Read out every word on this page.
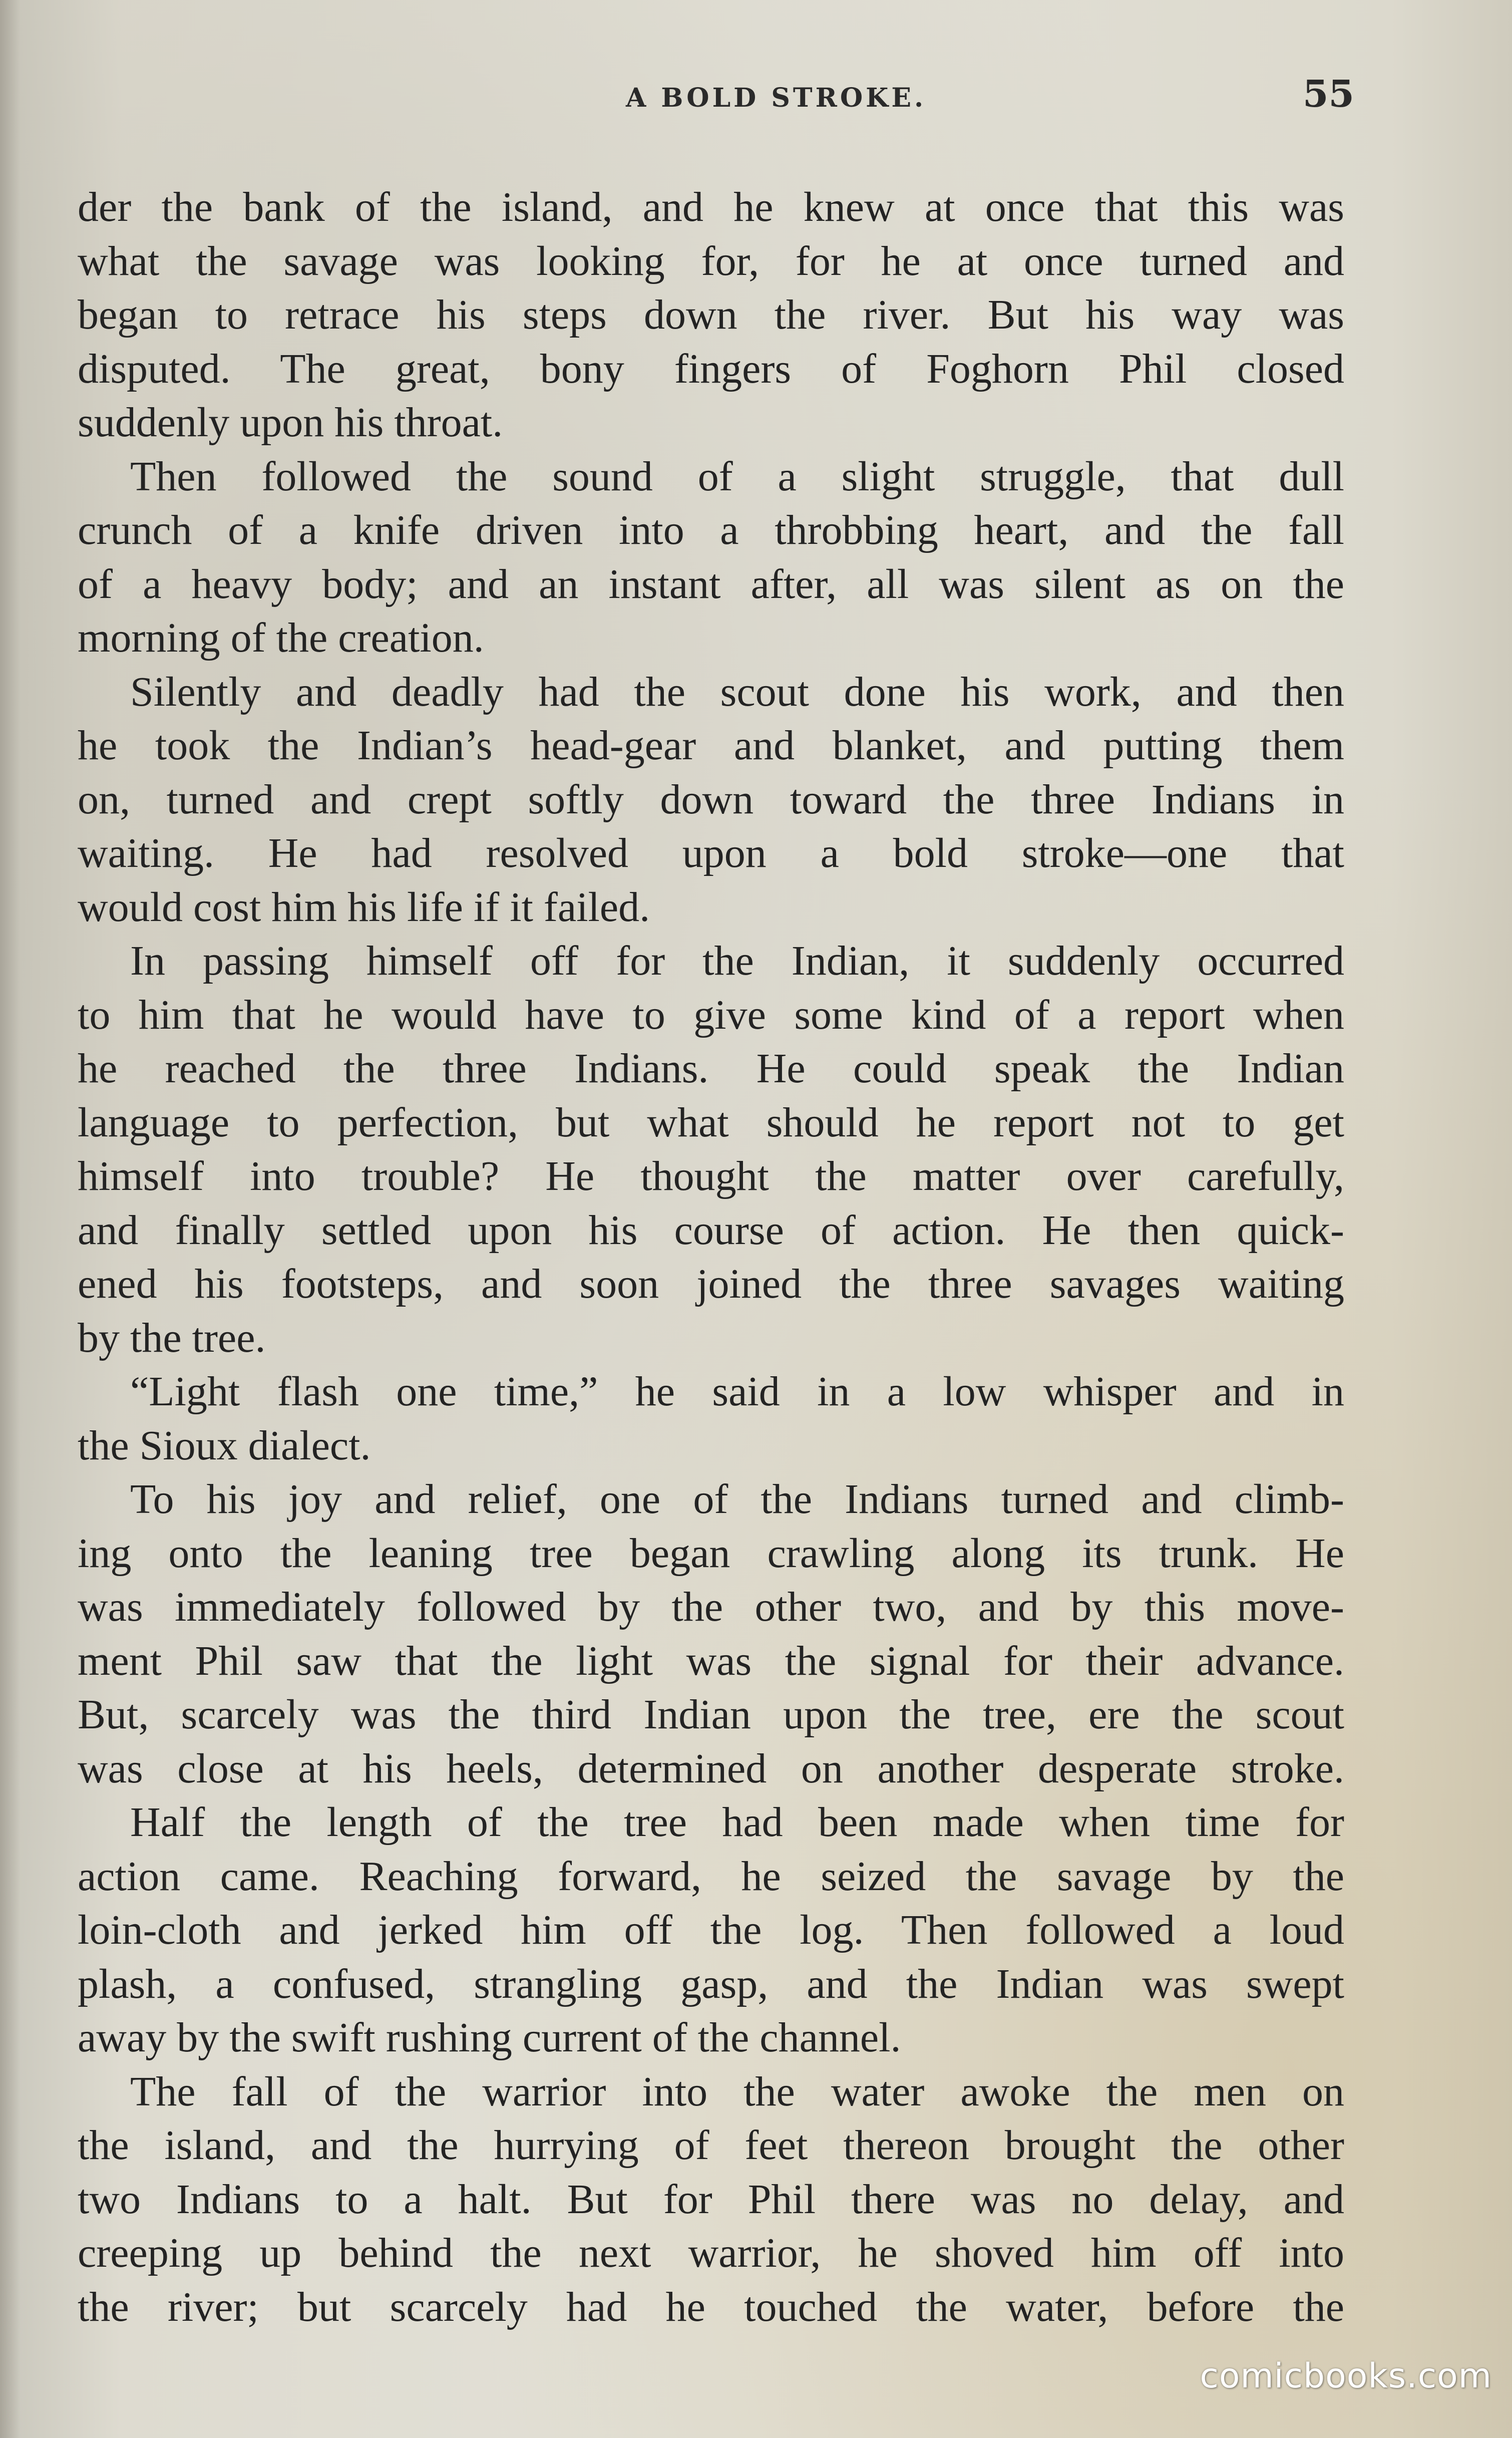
A BOLD STROKE.	55
der the bank of the island, and he knew at once that this was
what the savage was looking for, for he at once turned and
began to retrace his steps down the river. But his way was
disputed. The great, bony fingers of Foghorn Phil closed
suddenly upon his throat.
Then followed the sound of a slight struggle, that dull
crunch of a knife driven into a throbbing heart, and the fall
of a heavy body; and an instant after, all was silent as on the
morning of the creation.
Silently and deadly had the scout done his work, and then
he took the Indian’s head-gear and blanket, and putting them
on, turned and crept softly down toward the three Indians in
waiting. He had resolved upon a bold stroke—one that
would cost him his life if it failed.
In passing himself off for the Indian, it suddenly occurred
to him that he would have to give some kind of a report when
he reached the three Indians. He could speak the Indian
language to perfection, but what should he report not to get
himself into trouble? He thought the matter over carefully,
and finally settled upon his course of action. He then quick-
ened his footsteps, and soon joined the three savages waiting
by the tree.
“Light flash one time,” he said in a low whisper and in
the Sioux dialect.
To his joy and relief, one of the Indians turned and climb-
ing onto the leaning tree began crawling along its trunk. He
was immediately followed by the other two, and by this move-
ment Phil saw that the light was the signal for their advance.
But, scarcely was the third Indian upon the tree, ere the scout
was close at his heels, determined on another desperate stroke.
Half the length of the tree had been made when time for
action came. Reaching forward, he seized the savage by the
loin-cloth and jerked him off the log. Then followed a loud
plash, a confused, strangling gasp, and the Indian was swept
away by the swift rushing current of the channel.
The fall of the warrior into the water awoke the men on
the island, and the hurrying of feet thereon brought the other
two Indians to a halt. But for Phil there was no delay, and
creeping up behind the next warrior, he shoved him off into
the river; but scarcely had he touched the water, before the
comicbooks.com
